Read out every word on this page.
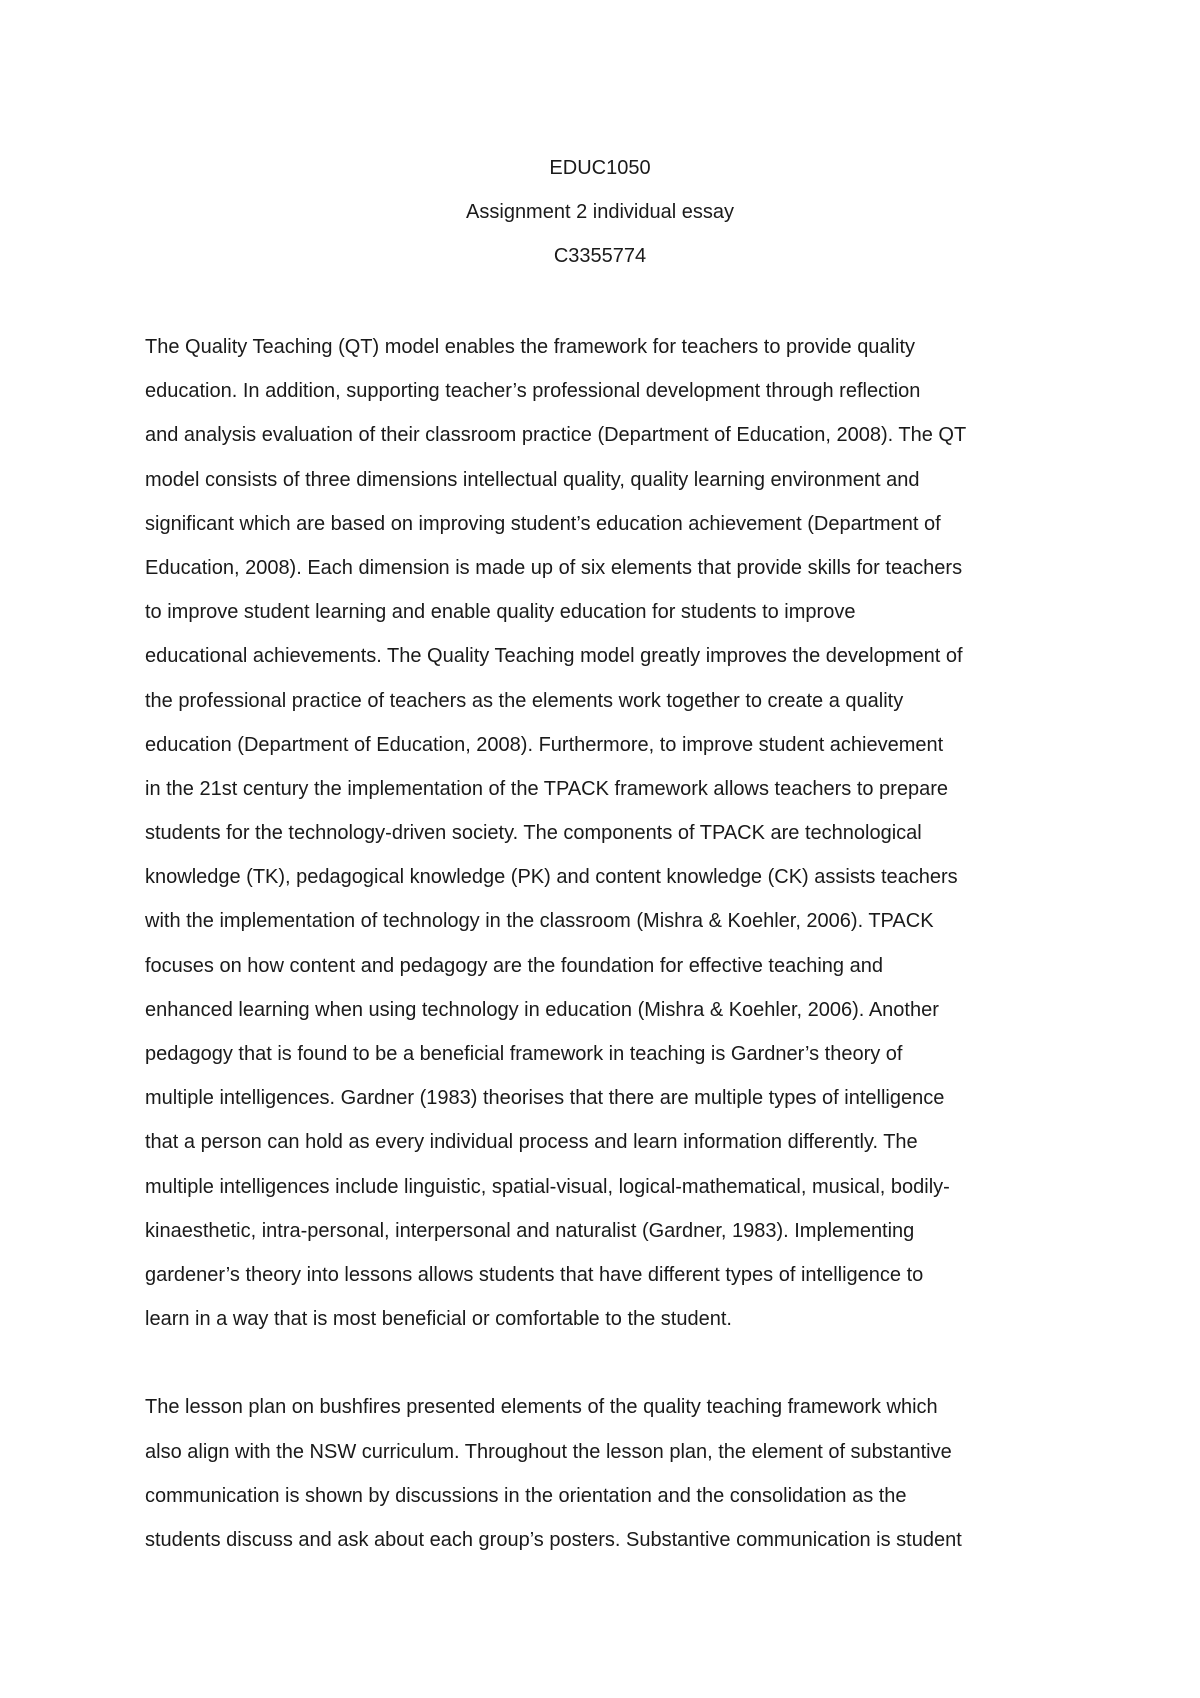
EDUC1050

Assignment 2 individual essay

C3355774

The Quality Teaching (QT) model enables the framework for teachers to provide quality
education. In addition, supporting teacher’s professional development through reflection
and analysis evaluation of their classroom practice (Department of Education, 2008). The QT
model consists of three dimensions intellectual quality, quality learning environment and
significant which are based on improving student’s education achievement (Department of
Education, 2008). Each dimension is made up of six elements that provide skills for teachers
to improve student learning and enable quality education for students to improve
educational achievements. The Quality Teaching model greatly improves the development of
the professional practice of teachers as the elements work together to create a quality
education (Department of Education, 2008). Furthermore, to improve student achievement
in the 21st century the implementation of the TPACK framework allows teachers to prepare
students for the technology-driven society. The components of TPACK are technological
knowledge (TK), pedagogical knowledge (PK) and content knowledge (CK) assists teachers
with the implementation of technology in the classroom (Mishra & Koehler, 2006). TPACK
focuses on how content and pedagogy are the foundation for effective teaching and
enhanced learning when using technology in education (Mishra & Koehler, 2006). Another
pedagogy that is found to be a beneficial framework in teaching is Gardner’s theory of
multiple intelligences. Gardner (1983) theorises that there are multiple types of intelligence
that a person can hold as every individual process and learn information differently. The
multiple intelligences include linguistic, spatial-visual, logical-mathematical, musical, bodily-
kinaesthetic, intra-personal, interpersonal and naturalist (Gardner, 1983). Implementing
gardener’s theory into lessons allows students that have different types of intelligence to
learn in a way that is most beneficial or comfortable to the student.
The lesson plan on bushfires presented elements of the quality teaching framework which
also align with the NSW curriculum. Throughout the lesson plan, the element of substantive
communication is shown by discussions in the orientation and the consolidation as the
students discuss and ask about each group’s posters. Substantive communication is student
